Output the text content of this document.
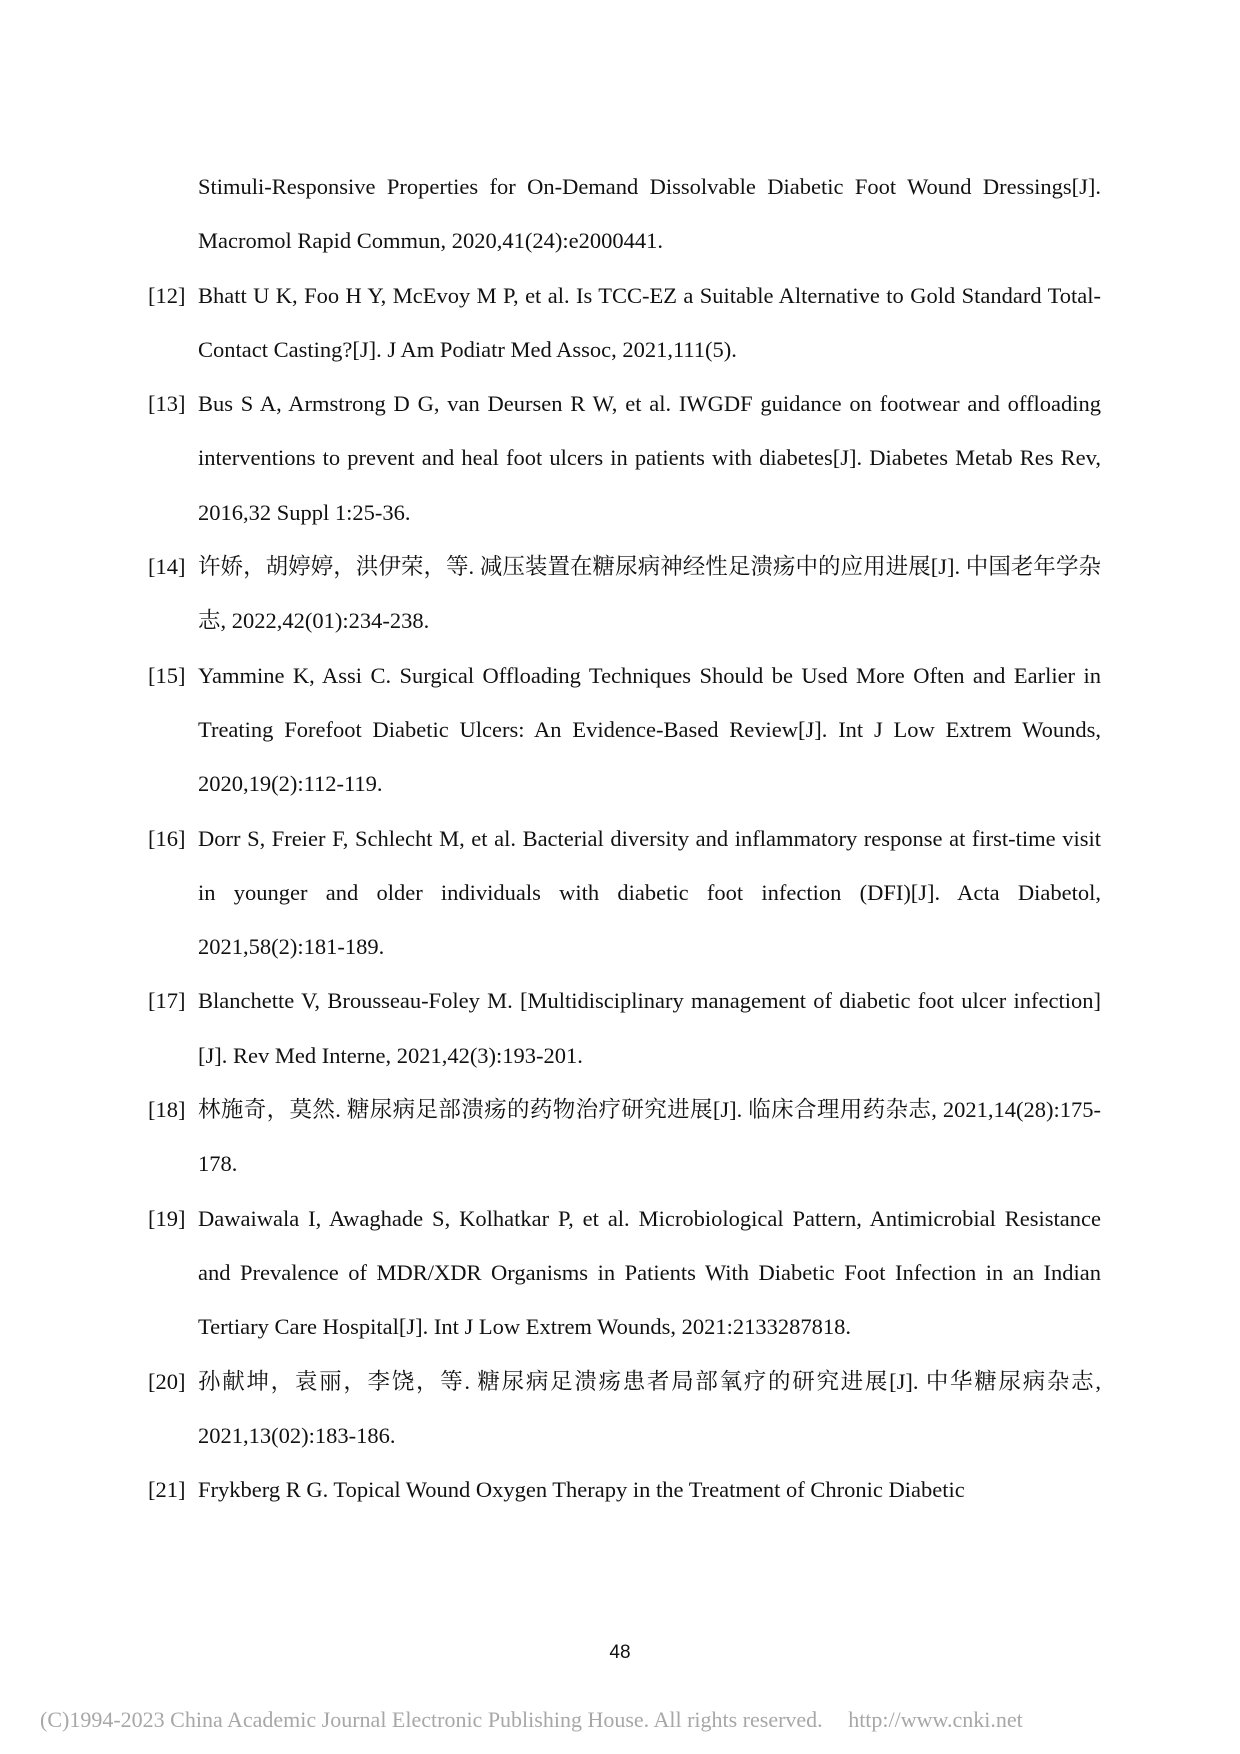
Stimuli-Responsive Properties for On-Demand Dissolvable Diabetic Foot Wound Dressings[J]. Macromol Rapid Commun, 2020,41(24):e2000441.
[12] Bhatt U K, Foo H Y, McEvoy M P, et al. Is TCC-EZ a Suitable Alternative to Gold Standard Total-Contact Casting?[J]. J Am Podiatr Med Assoc, 2021,111(5).
[13] Bus S A, Armstrong D G, van Deursen R W, et al. IWGDF guidance on footwear and offloading interventions to prevent and heal foot ulcers in patients with diabetes[J]. Diabetes Metab Res Rev, 2016,32 Suppl 1:25-36.
[14] 许娇，胡婷婷，洪伊荣，等. 减压装置在糖尿病神经性足溃疡中的应用进展[J]. 中国老年学杂志, 2022,42(01):234-238.
[15] Yammine K, Assi C. Surgical Offloading Techniques Should be Used More Often and Earlier in Treating Forefoot Diabetic Ulcers: An Evidence-Based Review[J]. Int J Low Extrem Wounds, 2020,19(2):112-119.
[16] Dorr S, Freier F, Schlecht M, et al. Bacterial diversity and inflammatory response at first-time visit in younger and older individuals with diabetic foot infection (DFI)[J]. Acta Diabetol, 2021,58(2):181-189.
[17] Blanchette V, Brousseau-Foley M. [Multidisciplinary management of diabetic foot ulcer infection][J]. Rev Med Interne, 2021,42(3):193-201.
[18] 林施奇，莫然. 糖尿病足部溃疡的药物治疗研究进展[J]. 临床合理用药杂志, 2021,14(28):175-178.
[19] Dawaiwala I, Awaghade S, Kolhatkar P, et al. Microbiological Pattern, Antimicrobial Resistance and Prevalence of MDR/XDR Organisms in Patients With Diabetic Foot Infection in an Indian Tertiary Care Hospital[J]. Int J Low Extrem Wounds, 2021:2133287818.
[20] 孙献坤，袁丽，李饶，等. 糖尿病足溃疡患者局部氧疗的研究进展[J]. 中华糖尿病杂志, 2021,13(02):183-186.
[21] Frykberg R G. Topical Wound Oxygen Therapy in the Treatment of Chronic Diabetic
48
(C)1994-2023 China Academic Journal Electronic Publishing House. All rights reserved. http://www.cnki.net
